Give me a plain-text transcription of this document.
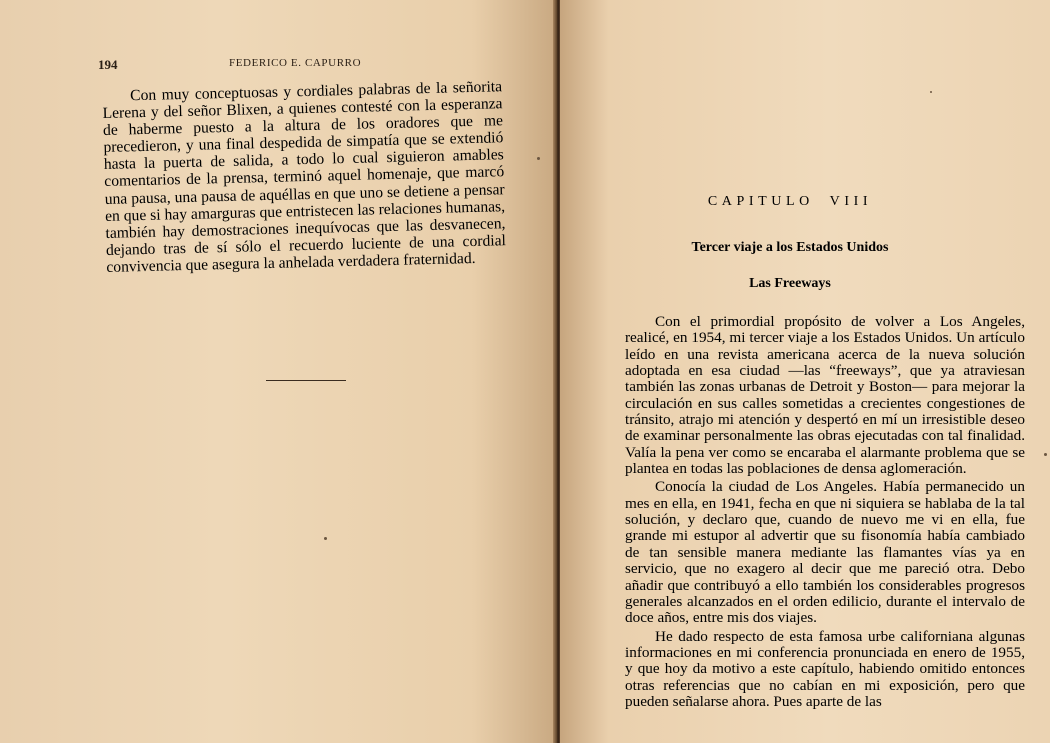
194	FEDERICO E. CAPURRO

Con muy conceptuosas y cordiales palabras de la señorita Lerena y del señor Blixen, a quienes contesté con la esperanza de haberme puesto a la altura de los oradores que me precedieron, y una final despedida de simpatía que se extendió hasta la puerta de salida, a todo lo cual siguieron amables comentarios de la prensa, terminó aquel homenaje, que marcó una pausa, una pausa de aquéllas en que uno se detiene a pensar en que si hay amarguras que entristecen las relaciones humanas, también hay demostraciones inequívocas que las desvanecen, dejando tras de sí sólo el recuerdo luciente de una cordial convivencia que asegura la anhelada verdadera fraternidad.

CAPITULO VIII
Tercer viaje a los Estados Unidos
Las Freeways

Con el primordial propósito de volver a Los Angeles, realicé, en 1954, mi tercer viaje a los Estados Unidos. Un artículo leído en una revista americana acerca de la nueva solución adoptada en esa ciudad —las “freeways”, que ya atraviesan también las zonas urbanas de Detroit y Boston— para mejorar la circulación en sus calles sometidas a crecientes congestiones de tránsito, atrajo mi atención y despertó en mí un irresistible deseo de examinar personalmente las obras ejecutadas con tal finalidad. Valía la pena ver como se encaraba el alarmante problema que se plantea en todas las poblaciones de densa aglomeración.

Conocía la ciudad de Los Angeles. Había permanecido un mes en ella, en 1941, fecha en que ni siquiera se hablaba de la tal solución, y declaro que, cuando de nuevo me vi en ella, fue grande mi estupor al advertir que su fisonomía había cambiado de tan sensible manera mediante las flamantes vías ya en servicio, que no exagero al decir que me pareció otra. Debo añadir que contribuyó a ello también los considerables progresos generales alcanzados en el orden edilicio, durante el intervalo de doce años, entre mis dos viajes.

He dado respecto de esta famosa urbe californiana algunas informaciones en mi conferencia pronunciada en enero de 1955, y que hoy da motivo a este capítulo, habiendo omitido entonces otras referencias que no cabían en mi exposición, pero que pueden señalarse ahora. Pues aparte de las
